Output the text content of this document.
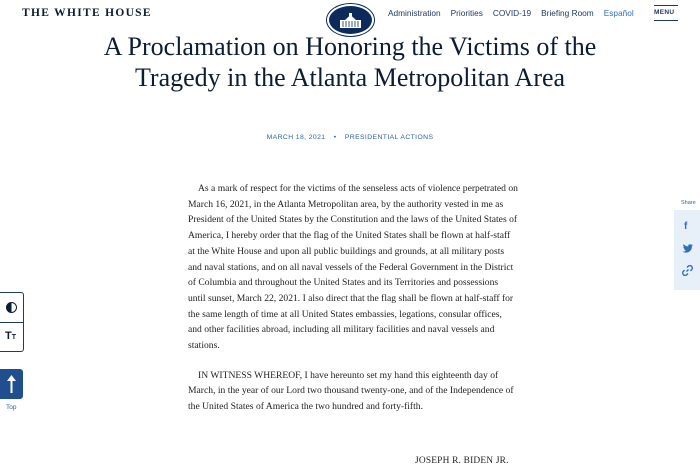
THE WHITE HOUSE	Administration Priorities COVID-19 Briefing Room Español	MENU
A Proclamation on Honoring the Victims of the Tragedy in the Atlanta Metropolitan Area
MARCH 18, 2021 • PRESIDENTIAL ACTIONS

As a mark of respect for the victims of the senseless acts of violence perpetrated on March 16, 2021, in the Atlanta Metropolitan area, by the authority vested in me as President of the United States by the Constitution and the laws of the United States of America, I hereby order that the flag of the United States shall be flown at half-staff at the White House and upon all public buildings and grounds, at all military posts and naval stations, and on all naval vessels of the Federal Government in the District of Columbia and throughout the United States and its Territories and possessions until sunset, March 22, 2021. I also direct that the flag shall be flown at half-staff for the same length of time at all United States embassies, legations, consular offices, and other facilities abroad, including all military facilities and naval vessels and stations.

IN WITNESS WHEREOF, I have hereunto set my hand this eighteenth day of March, in the year of our Lord two thousand twenty-one, and of the Independence of the United States of America the two hundred and forty-fifth.

JOSEPH R. BIDEN JR.
TT
Top
Share
f
